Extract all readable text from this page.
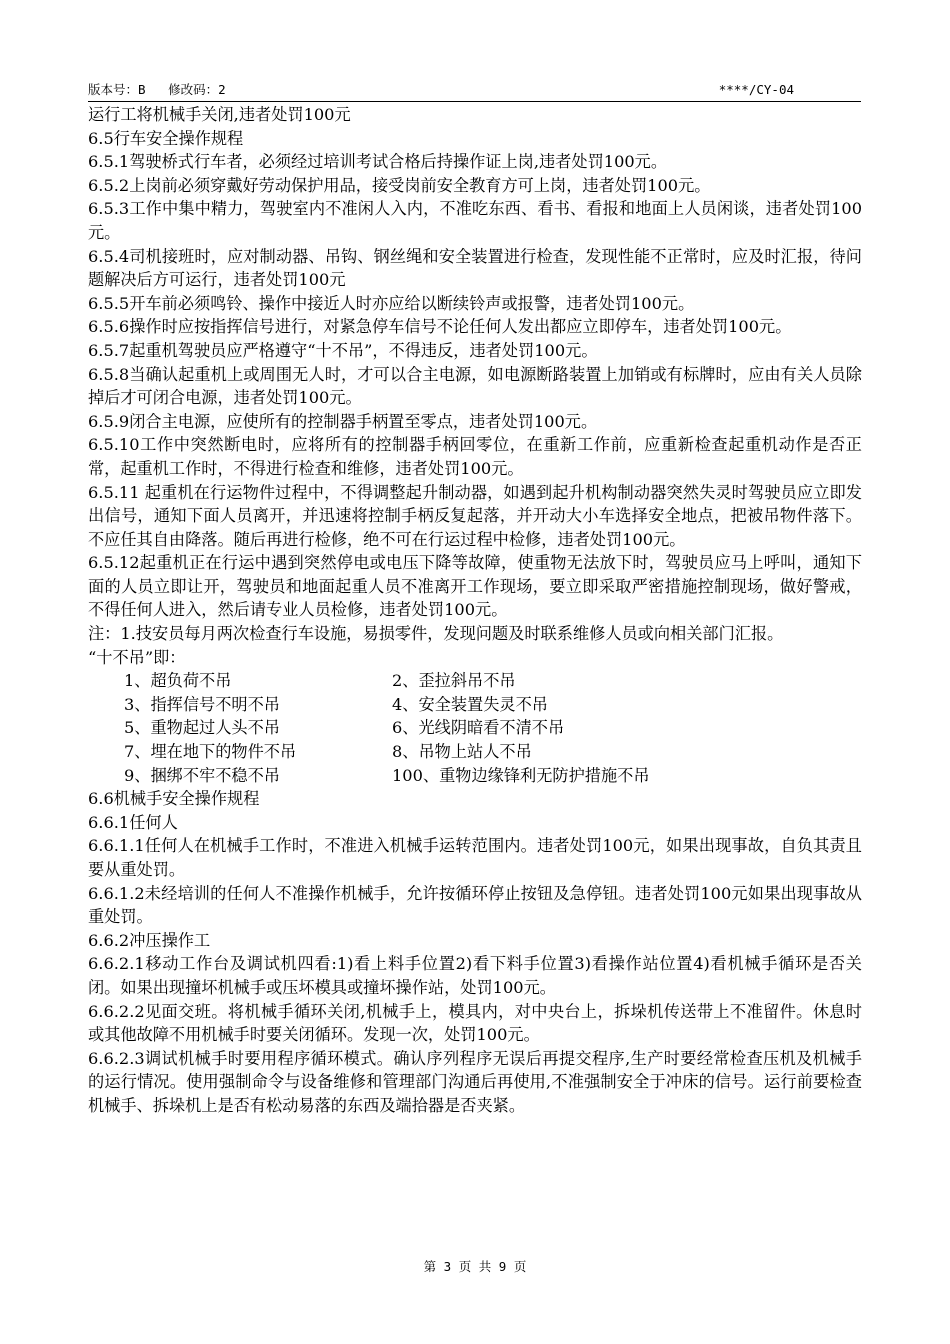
版本号：B   修改码：2	****/CY-04

运行工将机械手关闭,违者处罚100元

6.5行车安全操作规程

6.5.1驾驶桥式行车者，必须经过培训考试合格后持操作证上岗,违者处罚100元。

6.5.2上岗前必须穿戴好劳动保护用品，接受岗前安全教育方可上岗，违者处罚100元。

6.5.3工作中集中精力，驾驶室内不准闲人入内，不准吃东西、看书、看报和地面上人员闲谈，违者处罚100元。

6.5.4司机接班时，应对制动器、吊钩、钢丝绳和安全装置进行检查，发现性能不正常时，应及时汇报，待问题解决后方可运行，违者处罚100元

6.5.5开车前必须鸣铃、操作中接近人时亦应给以断续铃声或报警，违者处罚100元。

6.5.6操作时应按指挥信号进行，对紧急停车信号不论任何人发出都应立即停车，违者处罚100元。

6.5.7起重机驾驶员应严格遵守“十不吊”，不得违反，违者处罚100元。

6.5.8当确认起重机上或周围无人时，才可以合主电源，如电源断路装置上加销或有标牌时，应由有关人员除掉后才可闭合电源，违者处罚100元。

6.5.9闭合主电源，应使所有的控制器手柄置至零点，违者处罚100元。

6.5.10工作中突然断电时，应将所有的控制器手柄回零位，在重新工作前，应重新检查起重机动作是否正常，起重机工作时，不得进行检查和维修，违者处罚100元。

6.5.11 起重机在行运物件过程中，不得调整起升制动器，如遇到起升机构制动器突然失灵时驾驶员应立即发出信号，通知下面人员离开，并迅速将控制手柄反复起落，并开动大小车选择安全地点，把被吊物件落下。不应任其自由降落。随后再进行检修，绝不可在行运过程中检修，违者处罚100元。

6.5.12起重机正在行运中遇到突然停电或电压下降等故障，使重物无法放下时，驾驶员应马上呼叫，通知下面的人员立即让开，驾驶员和地面起重人员不准离开工作现场，要立即采取严密措施控制现场，做好警戒，不得任何人进入，然后请专业人员检修，违者处罚100元。

注：1.技安员每月两次检查行车设施，易损零件，发现问题及时联系维修人员或向相关部门汇报。

“十不吊”即：

1、超负荷不吊	2、歪拉斜吊不吊
3、指挥信号不明不吊	4、安全装置失灵不吊
5、重物起过人头不吊	6、光线阴暗看不清不吊
7、埋在地下的物件不吊	8、吊物上站人不吊
9、捆绑不牢不稳不吊	100、重物边缘锋利无防护措施不吊

6.6机械手安全操作规程

6.6.1任何人

6.6.1.1任何人在机械手工作时，不准进入机械手运转范围内。违者处罚100元，如果出现事故，自负其责且要从重处罚。

6.6.1.2未经培训的任何人不准操作机械手，允许按循环停止按钮及急停钮。违者处罚100元如果出现事故从重处罚。

6.6.2冲压操作工

6.6.2.1移动工作台及调试机四看:1)看上料手位置2)看下料手位置3)看操作站位置4)看机械手循环是否关闭。如果出现撞坏机械手或压坏模具或撞坏操作站，处罚100元。

6.6.2.2见面交班。将机械手循环关闭,机械手上，模具内，对中央台上，拆垛机传送带上不准留件。休息时或其他故障不用机械手时要关闭循环。发现一次，处罚100元。

6.6.2.3调试机械手时要用程序循环模式。确认序列程序无误后再提交程序,生产时要经常检查压机及机械手的运行情况。使用强制命令与设备维修和管理部门沟通后再使用,不准强制安全于冲床的信号。运行前要检查机械手、拆垛机上是否有松动易落的东西及端拾器是否夹紧。

第 3 页 共 9 页
